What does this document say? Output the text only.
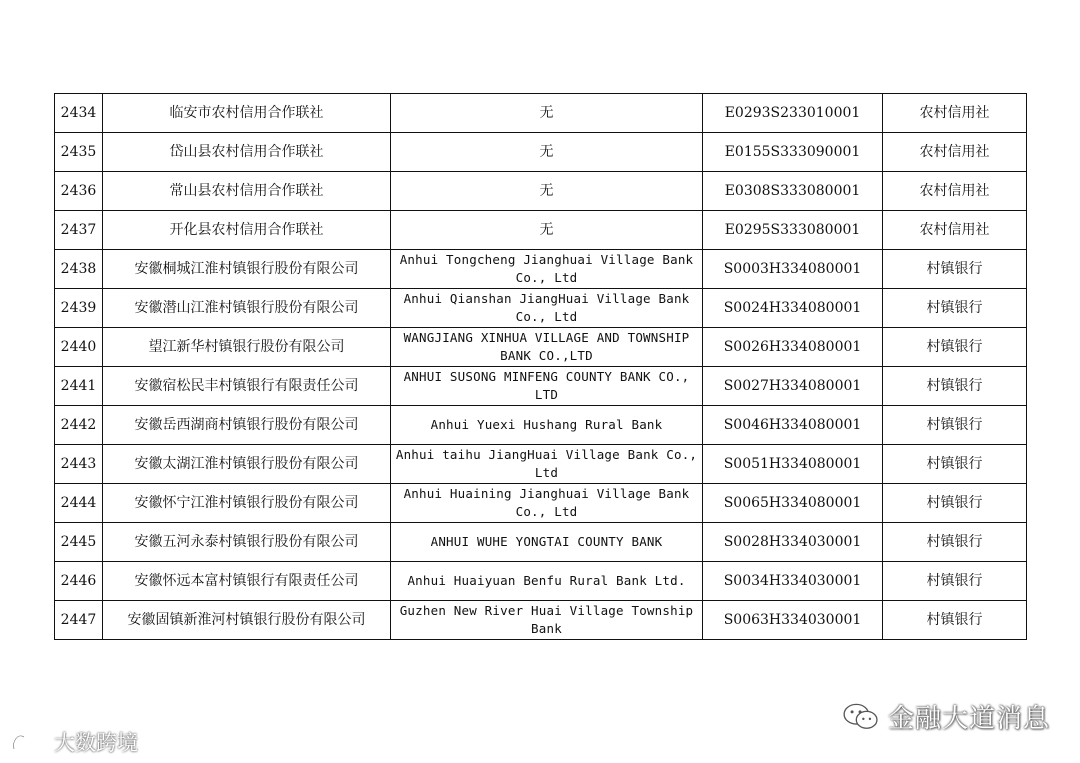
2434	临安市农村信用合作联社	无	E0293S233010001	农村信用社
2435	岱山县农村信用合作联社	无	E0155S333090001	农村信用社
2436	常山县农村信用合作联社	无	E0308S333080001	农村信用社
2437	开化县农村信用合作联社	无	E0295S333080001	农村信用社
2438	安徽桐城江淮村镇银行股份有限公司	Anhui Tongcheng Jianghuai Village Bank Co., Ltd	S0003H334080001	村镇银行
2439	安徽潜山江淮村镇银行股份有限公司	Anhui Qianshan JiangHuai Village Bank Co., Ltd	S0024H334080001	村镇银行
2440	望江新华村镇银行股份有限公司	WANGJIANG XINHUA VILLAGE AND TOWNSHIP BANK CO.,LTD	S0026H334080001	村镇银行
2441	安徽宿松民丰村镇银行有限责任公司	ANHUI SUSONG MINFENG COUNTY BANK CO., LTD	S0027H334080001	村镇银行
2442	安徽岳西湖商村镇银行股份有限公司	Anhui Yuexi Hushang Rural Bank	S0046H334080001	村镇银行
2443	安徽太湖江淮村镇银行股份有限公司	Anhui taihu JiangHuai Village Bank Co., Ltd	S0051H334080001	村镇银行
2444	安徽怀宁江淮村镇银行股份有限公司	Anhui Huaining Jianghuai Village Bank Co., Ltd	S0065H334080001	村镇银行
2445	安徽五河永泰村镇银行股份有限公司	ANHUI WUHE YONGTAI COUNTY BANK	S0028H334030001	村镇银行
2446	安徽怀远本富村镇银行有限责任公司	Anhui Huaiyuan Benfu Rural Bank Ltd.	S0034H334030001	村镇银行
2447	安徽固镇新淮河村镇银行股份有限公司	Guzhen New River Huai Village Township Bank	S0063H334030001	村镇银行
金融大道消息
大数跨境
